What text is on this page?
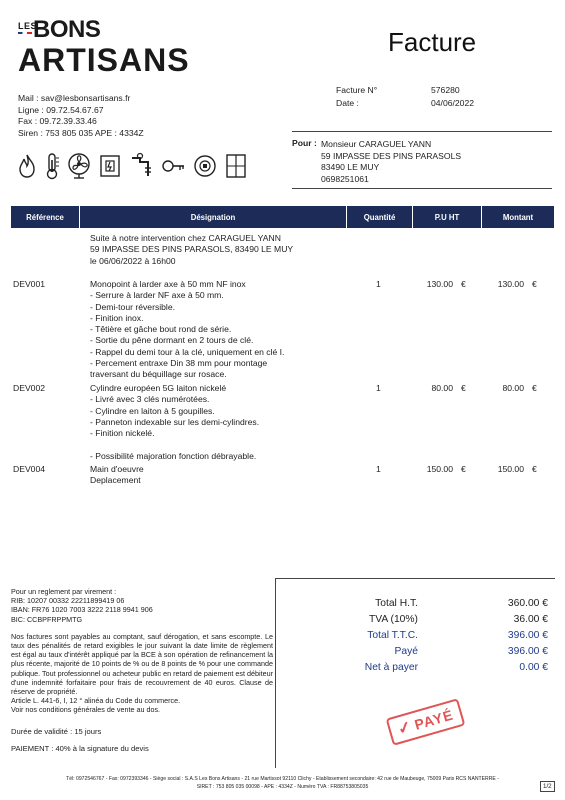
LES
BONS
ARTISANS	Facture
Mail : sav@lesbonsartisans.fr
Ligne : 09.72.54.67.67
Fax : 09.72.39.33.46
Siren : 753 805 035 APE : 4334Z
Facture N°	576280
Date :	04/06/2022
Pour : Monsieur CARAGUEL YANN
59 IMPASSE DES PINS PARASOLS
83490 LE MUY
0698251061
Référence	Désignation	Quantité	P.U HT	Montant
Suite à notre intervention chez CARAGUEL YANN
59 IMPASSE DES PINS PARASOLS, 83490 LE MUY
le 06/06/2022 à 16h00
DEV001	Monopoint à larder axe à 50 mm NF inox
- Serrure à larder NF axe à 50 mm.
- Demi-tour réversible.
- Finition inox.
- Têtière et gâche bout rond de série.
- Sortie du pêne dormant en 2 tours de clé.
- Rappel du demi tour à la clé, uniquement en clé I.
- Percement entraxe Din 38 mm pour montage
traversant du béquillage sur rosace.
1	130.00 €	130.00 €
DEV002	Cylindre européen 5G laiton nickelé
- Livré avec 3 clés numérotées.
- Cylindre en laiton à 5 goupilles.
- Panneton indexable sur les demi-cylindres.
- Finition nickelé.

- Possibilité majoration fonction débrayable.
1	80.00 €	80.00 €
DEV004	Main d'oeuvre
Deplacement
1	150.00 €	150.00 €

Pour un reglement par virement :

RIB: 10207 00332 22211899419 06

IBAN: FR76 1020 7003 3222 2118 9941 906

BIC: CCBPFRPPMTG

Nos factures sont payables au comptant, sauf dérogation, et sans escompte. Le taux des pénalités de retard exigibles le jour suivant la date limite de règlement est égal au taux d'intérêt appliqué par la BCE à son opération de refinancement la plus récente, majorité de 10 points de % ou de 8 points de % pour une commande publique. Tout professionnel ou acheteur public en retard de paiement est débiteur d'une indemnité forfaitaire pour frais de recouvrement de 40 euros. Clause de réserve de propriété.

Article L. 441-6, I, 12 ° alinéa du Code du commerce.

Voir nos conditions générales de vente au dos.

Durée de validité : 15 jours
PAIEMENT : 40% à la signature du devis
Total H.T.	360.00 €
TVA (10%)	36.00 €
Total T.T.C.	396.00 €
Payé	396.00 €
Net à payer	0.00 €
✓PAYÉ
Tél: 0972546767 - Fax: 0972393346 - Siège social : S.A.S Les Bons Artisans - 21 rue Martissot 92110 Clichy - Etablissement secondaire: 42 rue de Maubeuge, 75009 Paris RCS NANTERRE -
SIRET : 753 805 035 00098 - APE : 4334Z - Numéro TVA : FR88753805035	1/2
